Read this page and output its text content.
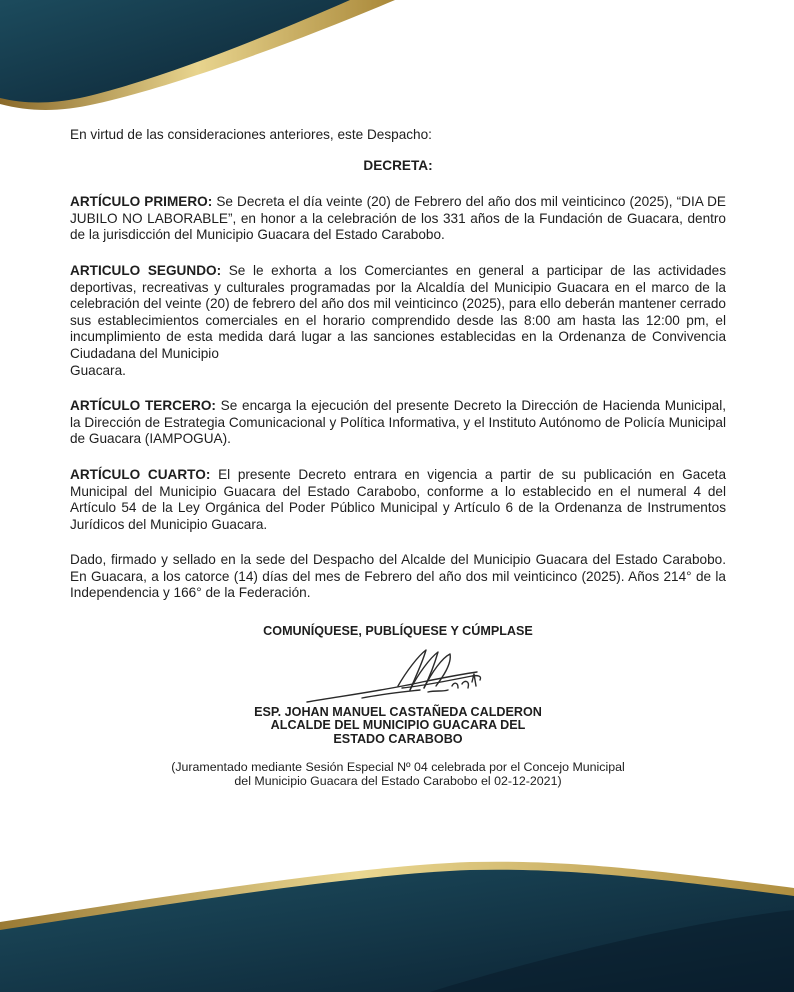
En virtud de las consideraciones anteriores, este Despacho:

DECRETA:

ARTÍCULO PRIMERO: Se Decreta el día veinte (20) de Febrero del año dos mil veinticinco (2025), “DIA DE JUBILO NO LABORABLE”, en honor a la celebración de los 331 años de la Fundación de Guacara, dentro de la jurisdicción del Municipio Guacara del Estado Carabobo.

ARTICULO SEGUNDO: Se le exhorta a los Comerciantes en general a participar de las actividades deportivas, recreativas y culturales programadas por la Alcaldía del Municipio Guacara en el marco de la celebración del veinte (20) de febrero del año dos mil veinticinco (2025), para ello deberán mantener cerrado sus establecimientos comerciales en el horario comprendido desde las 8:00 am hasta las 12:00 pm, el incumplimiento de esta medida dará lugar a las sanciones establecidas en la Ordenanza de Convivencia Ciudadana del Municipio
Guacara.

ARTÍCULO TERCERO: Se encarga la ejecución del presente Decreto la Dirección de Hacienda Municipal, la Dirección de Estrategia Comunicacional y Política Informativa, y el Instituto Autónomo de Policía Municipal de Guacara (IAMPOGUA).

ARTÍCULO CUARTO: El presente Decreto entrara en vigencia a partir de su publicación en Gaceta Municipal del Municipio Guacara del Estado Carabobo, conforme a lo establecido en el numeral 4 del Artículo 54 de la Ley Orgánica del Poder Público Municipal y Artículo 6 de la Ordenanza de Instrumentos Jurídicos del Municipio Guacara.

Dado, firmado y sellado en la sede del Despacho del Alcalde del Municipio Guacara del Estado Carabobo. En Guacara, a los catorce (14) días del mes de Febrero del año dos mil veinticinco (2025). Años 214° de la Independencia y 166° de la Federación.

COMUNÍQUESE, PUBLÍQUESE Y CÚMPLASE

ESP. JOHAN MANUEL CASTAÑEDA CALDERON
ALCALDE DEL MUNICIPIO GUACARA DEL
ESTADO CARABOBO

(Juramentado mediante Sesión Especial Nº 04 celebrada por el Concejo Municipal
del Municipio Guacara del Estado Carabobo el 02-12-2021)
